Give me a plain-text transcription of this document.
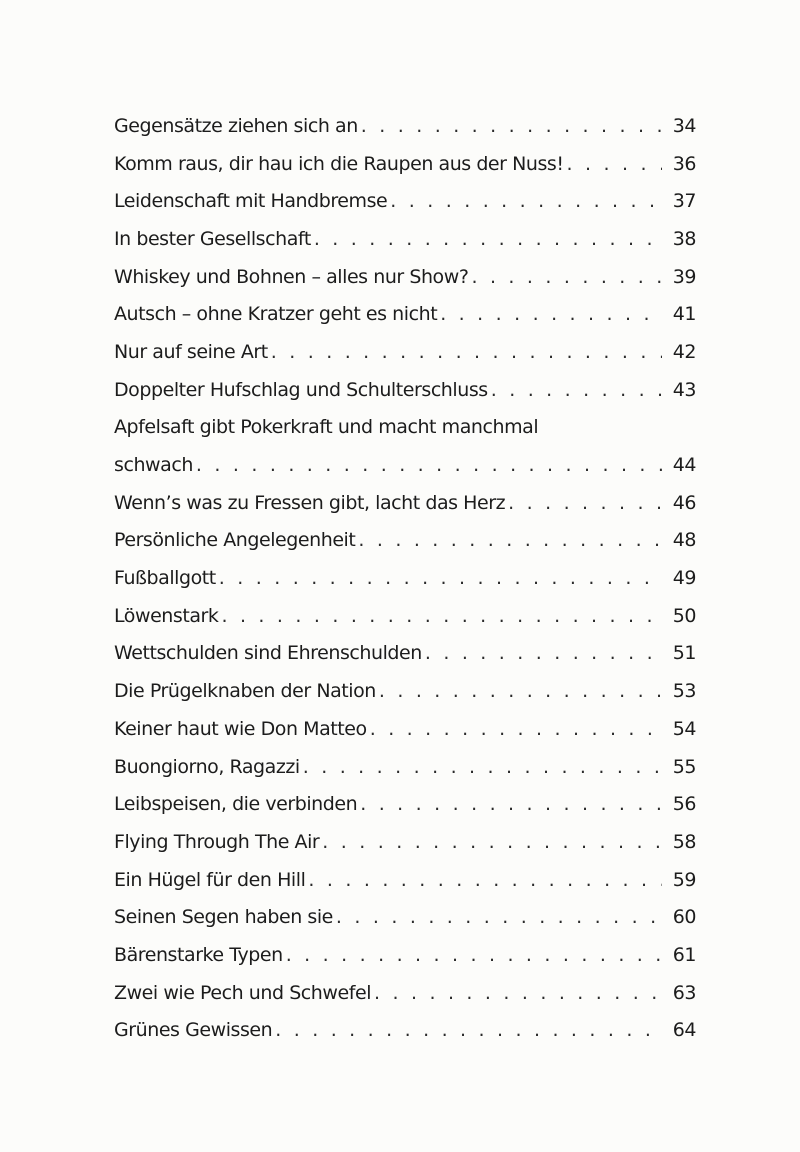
Gegensätze ziehen sich an . . .	34
Komm raus, dir hau ich die Raupen aus der Nuss! . . .	36
Leidenschaft mit Handbremse . . .	37
In bester Gesellschaft . . .	38
Whiskey und Bohnen – alles nur Show? . . .	39
Autsch – ohne Kratzer geht es nicht . . .	41
Nur auf seine Art . . .	42
Doppelter Hufschlag und Schulterschluss . . .	43
Apfelsaft gibt Pokerkraft und macht manchmal
schwach . . .	44
Wenn’s was zu Fressen gibt, lacht das Herz . . .	46
Persönliche Angelegenheit . . .	48
Fußballgott . . .	49
Löwenstark . . .	50
Wettschulden sind Ehrenschulden . . .	51
Die Prügelknaben der Nation . . .	53
Keiner haut wie Don Matteo . . .	54
Buongiorno, Ragazzi . . .	55
Leibspeisen, die verbinden . . .	56
Flying Through The Air . . .	58
Ein Hügel für den Hill . . .	59
Seinen Segen haben sie . . .	60
Bärenstarke Typen . . .	61
Zwei wie Pech und Schwefel . . .	63
Grünes Gewissen . . .	64
